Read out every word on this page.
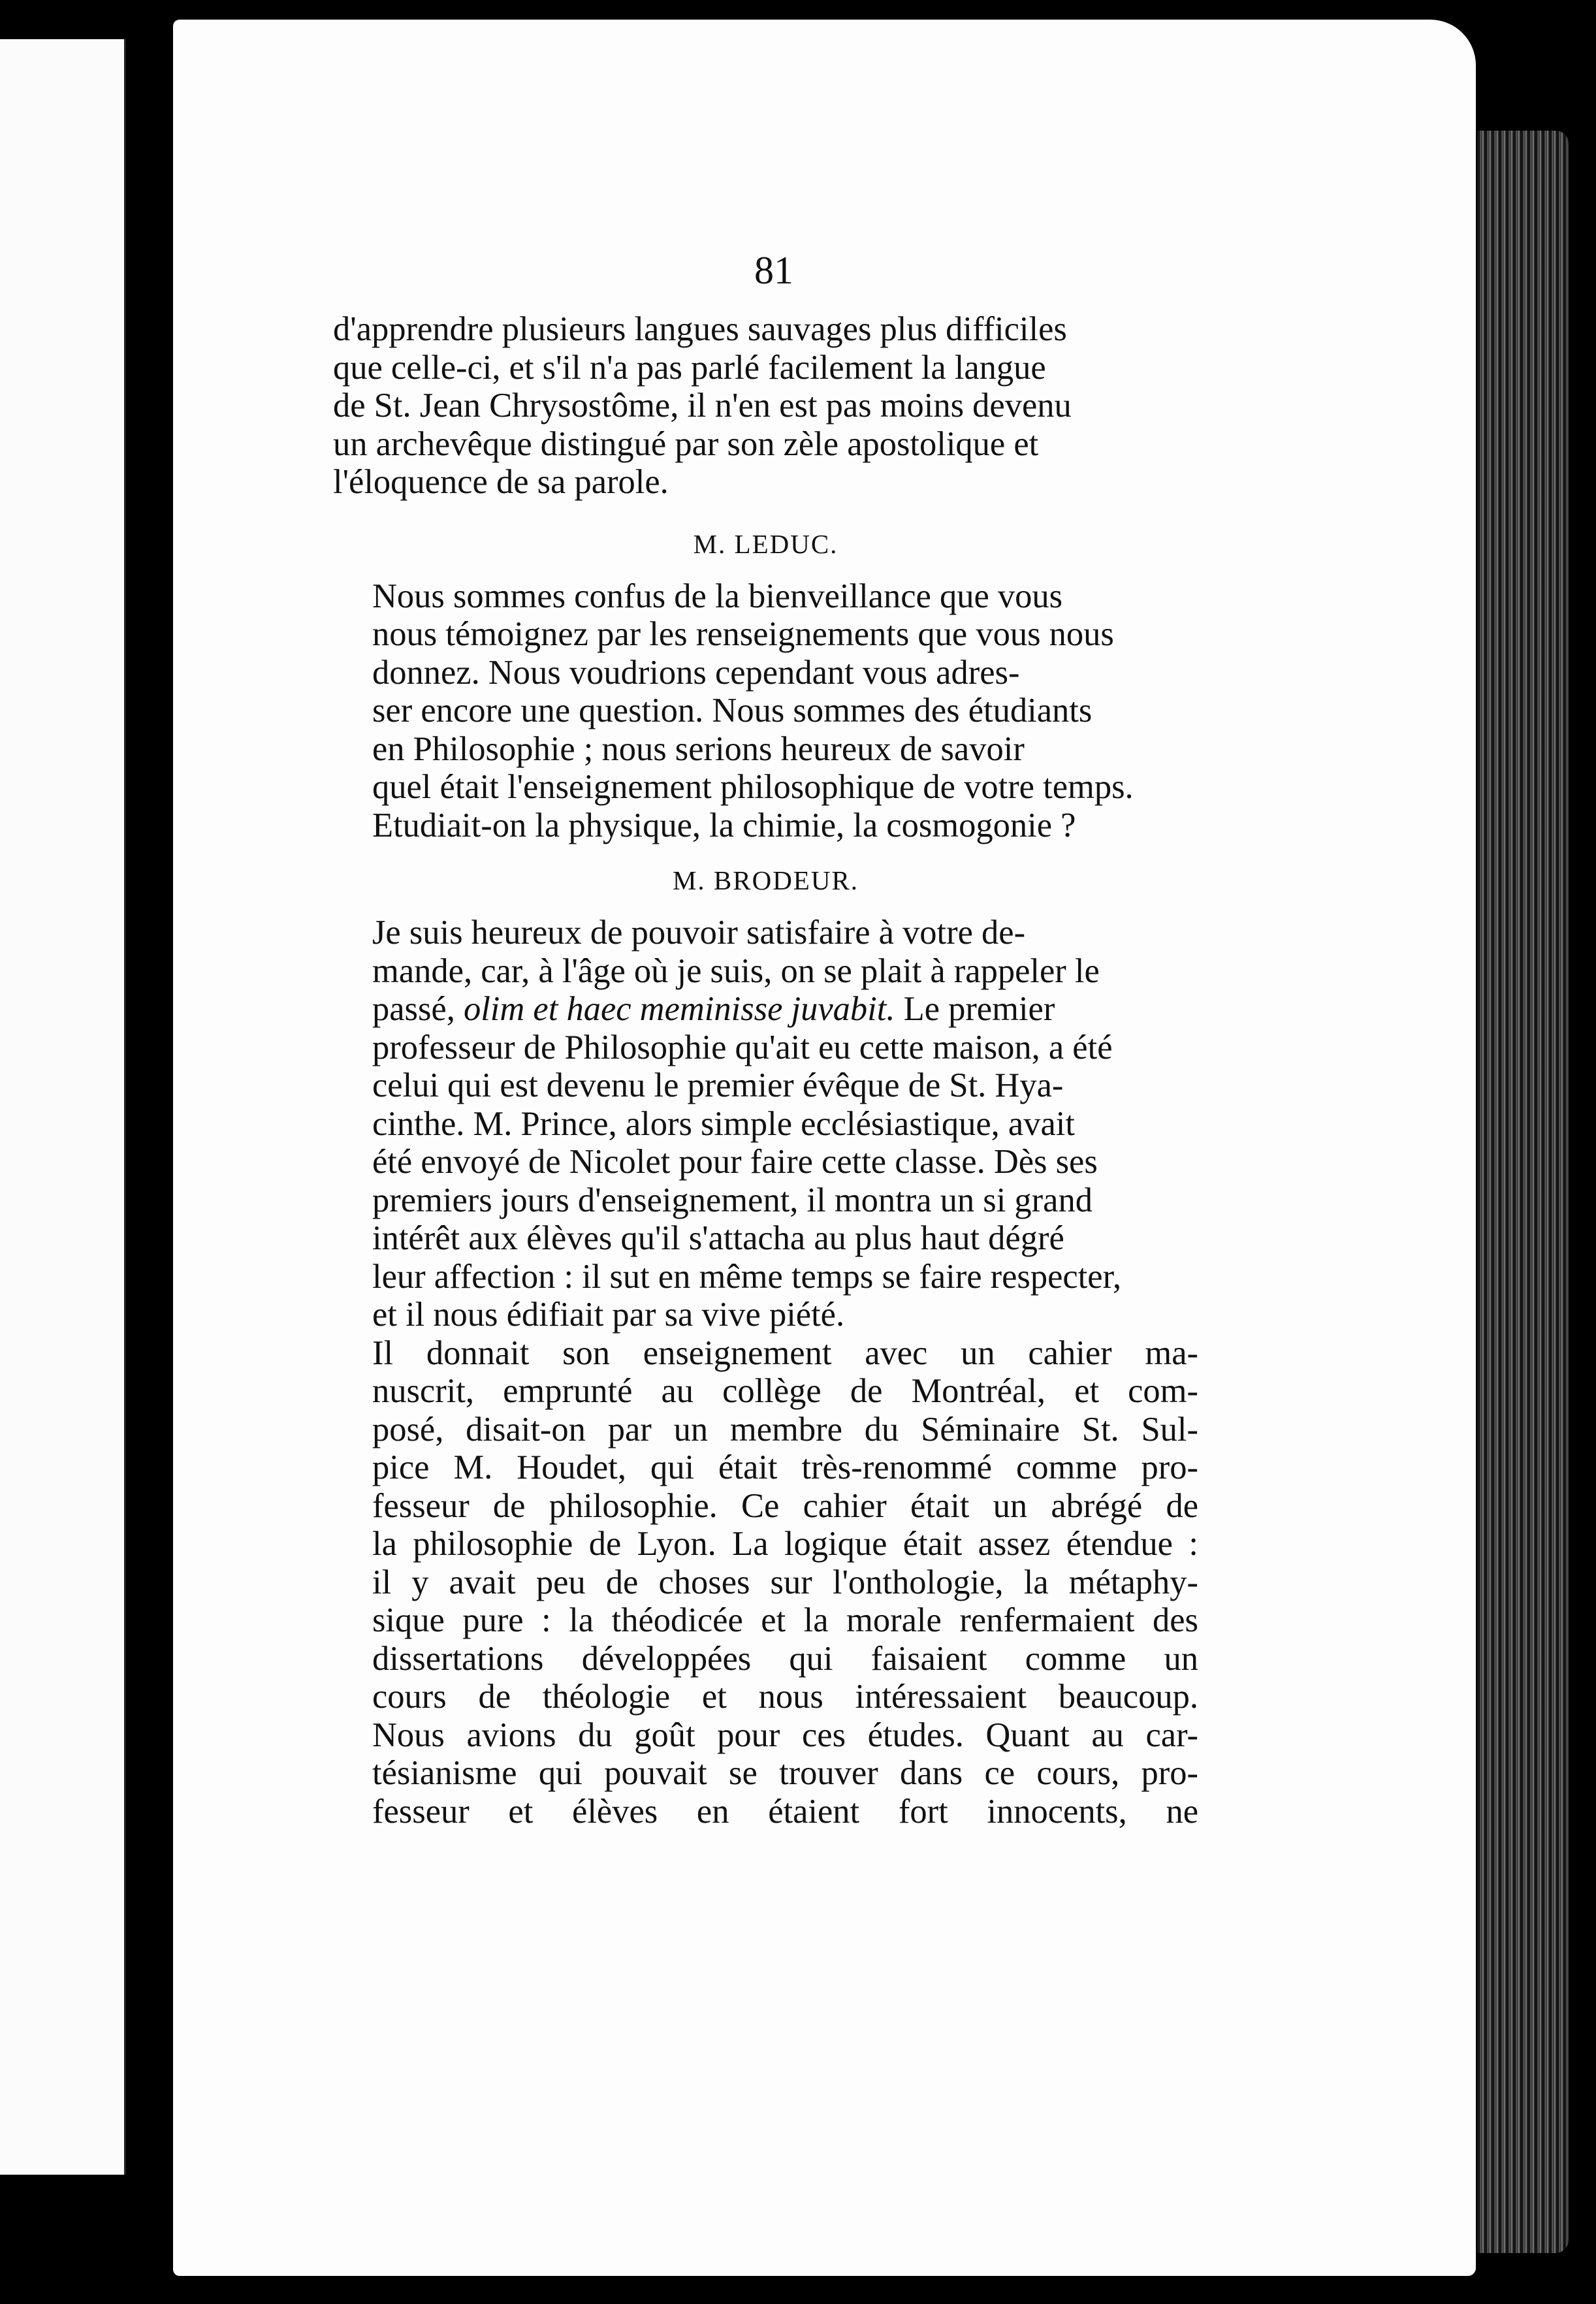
81

d'apprendre plusieurs langues sauvages plus difficiles
que celle-ci, et s'il n'a pas parlé facilement la langue
de St. Jean Chrysostôme, il n'en est pas moins devenu
un archevêque distingué par son zèle apostolique et
l'éloquence de sa parole.

M. LEDUC.

Nous sommes confus de la bienveillance que vous
nous témoignez par les renseignements que vous nous
donnez. Nous voudrions cependant vous adres-
ser encore une question. Nous sommes des étudiants
en Philosophie ; nous serions heureux de savoir
quel était l'enseignement philosophique de votre temps.
Etudiait-on la physique, la chimie, la cosmogonie ?

M. BRODEUR.

Je suis heureux de pouvoir satisfaire à votre de-
mande, car, à l'âge où je suis, on se plait à rappeler le
passé, olim et haec meminisse juvabit. Le premier
professeur de Philosophie qu'ait eu cette maison, a été
celui qui est devenu le premier évêque de St. Hya-
cinthe. M. Prince, alors simple ecclésiastique, avait
été envoyé de Nicolet pour faire cette classe. Dès ses
premiers jours d'enseignement, il montra un si grand
intérêt aux élèves qu'il s'attacha au plus haut dégré
leur affection : il sut en même temps se faire respecter,
et il nous édifiait par sa vive piété.

Il donnait son enseignement avec un cahier ma-
nuscrit, emprunté au collège de Montréal, et com-
posé, disait-on par un membre du Séminaire St. Sul-
pice M. Houdet, qui était très-renommé comme pro-
fesseur de philosophie. Ce cahier était un abrégé de
la philosophie de Lyon. La logique était assez étendue :
il y avait peu de choses sur l'onthologie, la métaphy-
sique pure : la théodicée et la morale renfermaient des
dissertations développées qui faisaient comme un
cours de théologie et nous intéressaient beaucoup.
Nous avions du goût pour ces études. Quant au car-
tésianisme qui pouvait se trouver dans ce cours, pro-
fesseur et élèves en étaient fort innocents, ne
